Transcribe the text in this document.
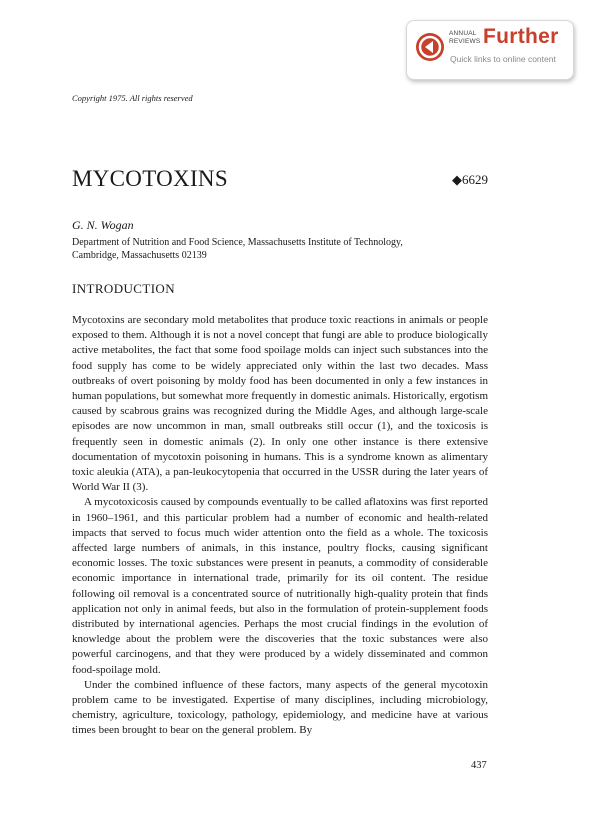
ANNUAL
REVIEWS Further
Quick links to online content
Copyright 1975. All rights reserved
MYCOTOXINS	◆6629
G. N. Wogan
Department of Nutrition and Food Science, Massachusetts Institute of Technology,
Cambridge, Massachusetts 02139
INTRODUCTION

Mycotoxins are secondary mold metabolites that produce toxic reactions in animals or people exposed to them. Although it is not a novel concept that fungi are able to produce biologically active metabolites, the fact that some food spoilage molds can inject such substances into the food supply has come to be widely appreciated only within the last two decades. Mass outbreaks of overt poisoning by moldy food has been documented in only a few instances in human populations, but somewhat more frequently in domestic animals. Historically, ergotism caused by scabrous grains was recognized during the Middle Ages, and although large-scale episodes are now uncommon in man, small outbreaks still occur (1), and the toxicosis is frequently seen in domestic animals (2). In only one other instance is there extensive documentation of mycotoxin poisoning in humans. This is a syndrome known as alimentary toxic aleukia (ATA), a pan-leukocytopenia that occurred in the USSR during the later years of World War II (3).

A mycotoxicosis caused by compounds eventually to be called aflatoxins was first reported in 1960–1961, and this particular problem had a number of economic and health-related impacts that served to focus much wider attention onto the field as a whole. The toxicosis affected large numbers of animals, in this instance, poultry flocks, causing significant economic losses. The toxic substances were present in peanuts, a commodity of considerable economic importance in international trade, primarily for its oil content. The residue following oil removal is a concentrated source of nutritionally high-quality protein that finds application not only in animal feeds, but also in the formulation of protein-supplement foods distributed by international agencies. Perhaps the most crucial findings in the evolution of knowledge about the problem were the discoveries that the toxic substances were also powerful carcinogens, and that they were produced by a widely disseminated and common food-spoilage mold.

Under the combined influence of these factors, many aspects of the general mycotoxin problem came to be investigated. Expertise of many disciplines, including microbiology, chemistry, agriculture, toxicology, pathology, epidemiology, and medicine have at various times been brought to bear on the general problem. By

437
